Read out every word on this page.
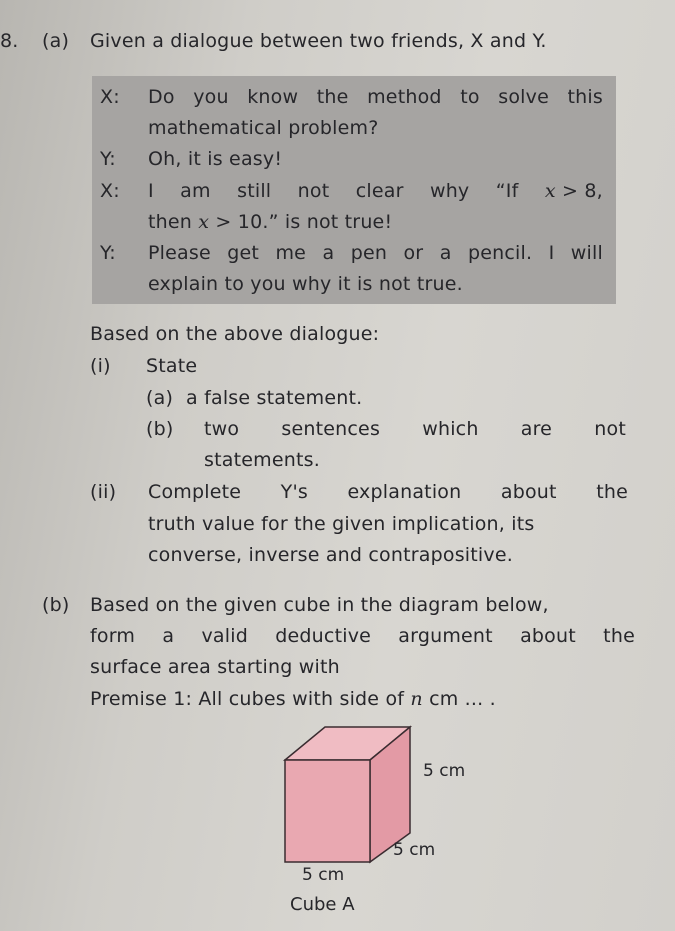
8. (a) Given a dialogue between two friends, X and Y.
X: Do you know the method to solve this
mathematical problem?
Y: Oh, it is easy!
X: I am still not clear why “If x > 8,
then x > 10.” is not true!
Y: Please get me a pen or a pencil. I will
explain to you why it is not true.
Based on the above dialogue:
(i) State
(a) a false statement.
(b) two sentences which are not
statements.
(ii) Complete Y's explanation about the
truth value for the given implication, its
converse, inverse and contrapositive.
(b) Based on the given cube in the diagram below,
form a valid deductive argument about the
surface area starting with
Premise 1: All cubes with side of n cm ... .
5 cm
5 cm
5 cm
Cube A
